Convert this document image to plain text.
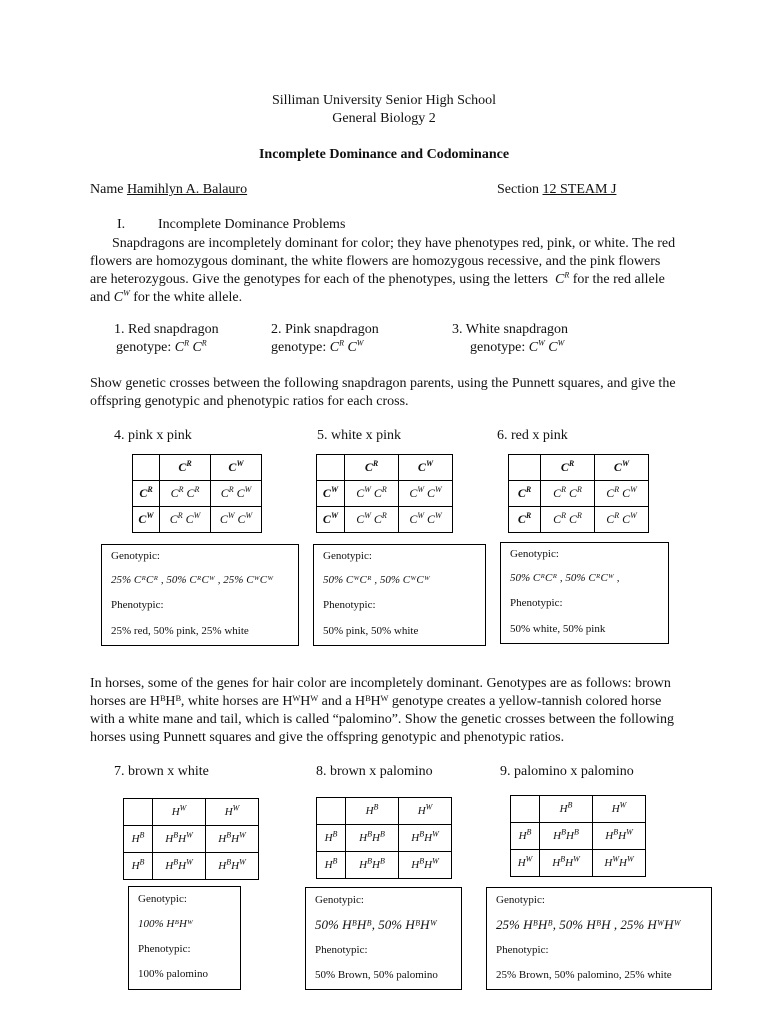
Silliman University Senior High School
General Biology 2
Incomplete Dominance and Codominance
Name Hamihlyn A. Balauro	Section 12 STEAM J
I. Incomplete Dominance Problems
Snapdragons are incompletely dominant for color; they have phenotypes red, pink, or white. The red flowers are homozygous dominant, the white flowers are homozygous recessive, and the pink flowers are heterozygous. Give the genotypes for each of the phenotypes, using the letters $C^R$ for the red allele and $C^W$ for the white allele.
1. Red snapdragon
genotype: $C^R$ $C^R$
2. Pink snapdragon
genotype: $C^R$ $C^W$
3. White snapdragon
genotype: $C^W$ $C^W$
Show genetic crosses between the following snapdragon parents, using the Punnett squares, and give the offspring genotypic and phenotypic ratios for each cross.
4. pink x pink	5. white x pink	6. red x pink
	$C^R$	$C^W$
$C^R$	$C^R$ $C^R$	$C^R$ $C^W$
$C^W$	$C^R$ $C^W$	$C^W$ $C^W$
	$C^R$	$C^W$
$C^W$	$C^W$ $C^R$	$C^W$ $C^W$
$C^W$	$C^W$ $C^R$	$C^W$ $C^W$
	$C^R$	$C^W$
$C^R$	$C^R$ $C^R$	$C^R$ $C^W$
$C^R$	$C^R$ $C^R$	$C^R$ $C^W$
Genotypic:
25% CᴿCᴿ , 50% CᴿCᵂ , 25% CᵂCᵂ
Phenotypic:
25% red, 50% pink, 25% white
Genotypic:
50% CᵂCᴿ , 50% CᵂCᵂ
Phenotypic:
50% pink, 50% white
Genotypic:
50% CᴿCᴿ , 50% CᴿCᵂ ,
Phenotypic:
50% white, 50% pink
In horses, some of the genes for hair color are incompletely dominant. Genotypes are as follows: brown horses are HᴮHᴮ, white horses are HᵂHᵂ and a HᴮHᵂ genotype creates a yellow-tannish colored horse with a white mane and tail, which is called “palomino”. Show the genetic crosses between the following horses using Punnett squares and give the offspring genotypic and phenotypic ratios.
7. brown x white	8. brown x palomino	9. palomino x palomino
	$H^W$	$H^W$
$H^B$	$H^BH^W$	$H^BH^W$
$H^B$	$H^BH^W$	$H^BH^W$
	$H^B$	$H^W$
$H^B$	$H^BH^B$	$H^BH^W$
$H^B$	$H^BH^B$	$H^BH^W$
	$H^B$	$H^W$
$H^B$	$H^BH^B$	$H^BH^W$
$H^W$	$H^BH^W$	$H^WH^W$
Genotypic:
100% HᴮHᵂ
Phenotypic:
100% palomino
Genotypic:
50% HᴮHᴮ, 50% HᴮHᵂ
Phenotypic:
50% Brown, 50% palomino
Genotypic:
25% HᴮHᴮ, 50% HᴮH , 25% HᵂHᵂ
Phenotypic:
25% Brown, 50% palomino, 25% white
